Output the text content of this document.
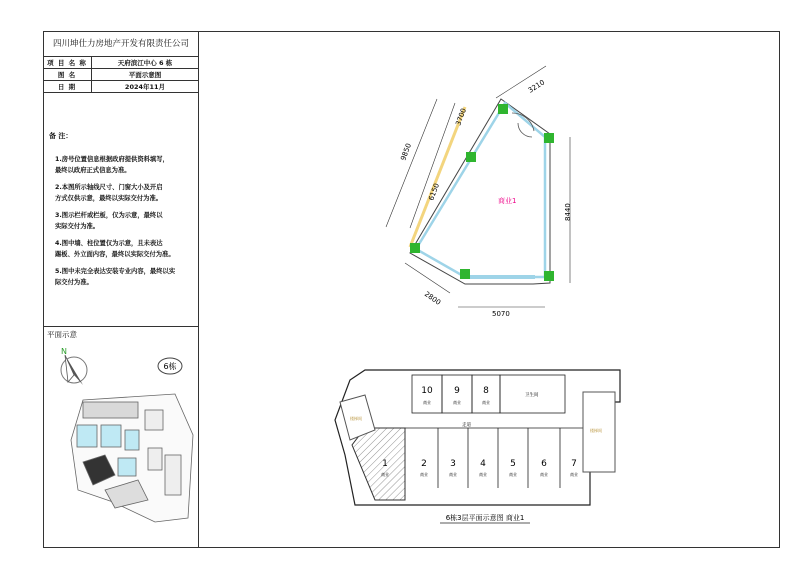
四川坤仕力房地产开发有限责任公司
项 目 名 称	天府滨江中心 6 栋
图 名	平面示意图
日 期	2024年11月
备 注：
1.房号位置信息根据政府提供资料填写，
最终以政府正式信息为准。
2.本图所示轴线尺寸、门窗大小及开启
方式仅供示意，最终以实际交付为准。
3.图示栏杆或栏板，仅为示意，最终以
实际交付为准。
4.图中墙、柱位置仅为示意，且未表达
踢板、外立面内容，最终以实际交付为准。
5.图中未完全表达安装专业内容，最终以实
际交付为准。
平面示意
N
6栋
商业1
3210
9850
3700
6150
8440
5070
2800
楼梯间
楼梯间
走道
卫生间
10 9	8
1	2	3	4	5	6	7
商业	商业	商业
商业	商业	商业	商业	商业	商业	商业
6栋3层平面示意图 商业1
